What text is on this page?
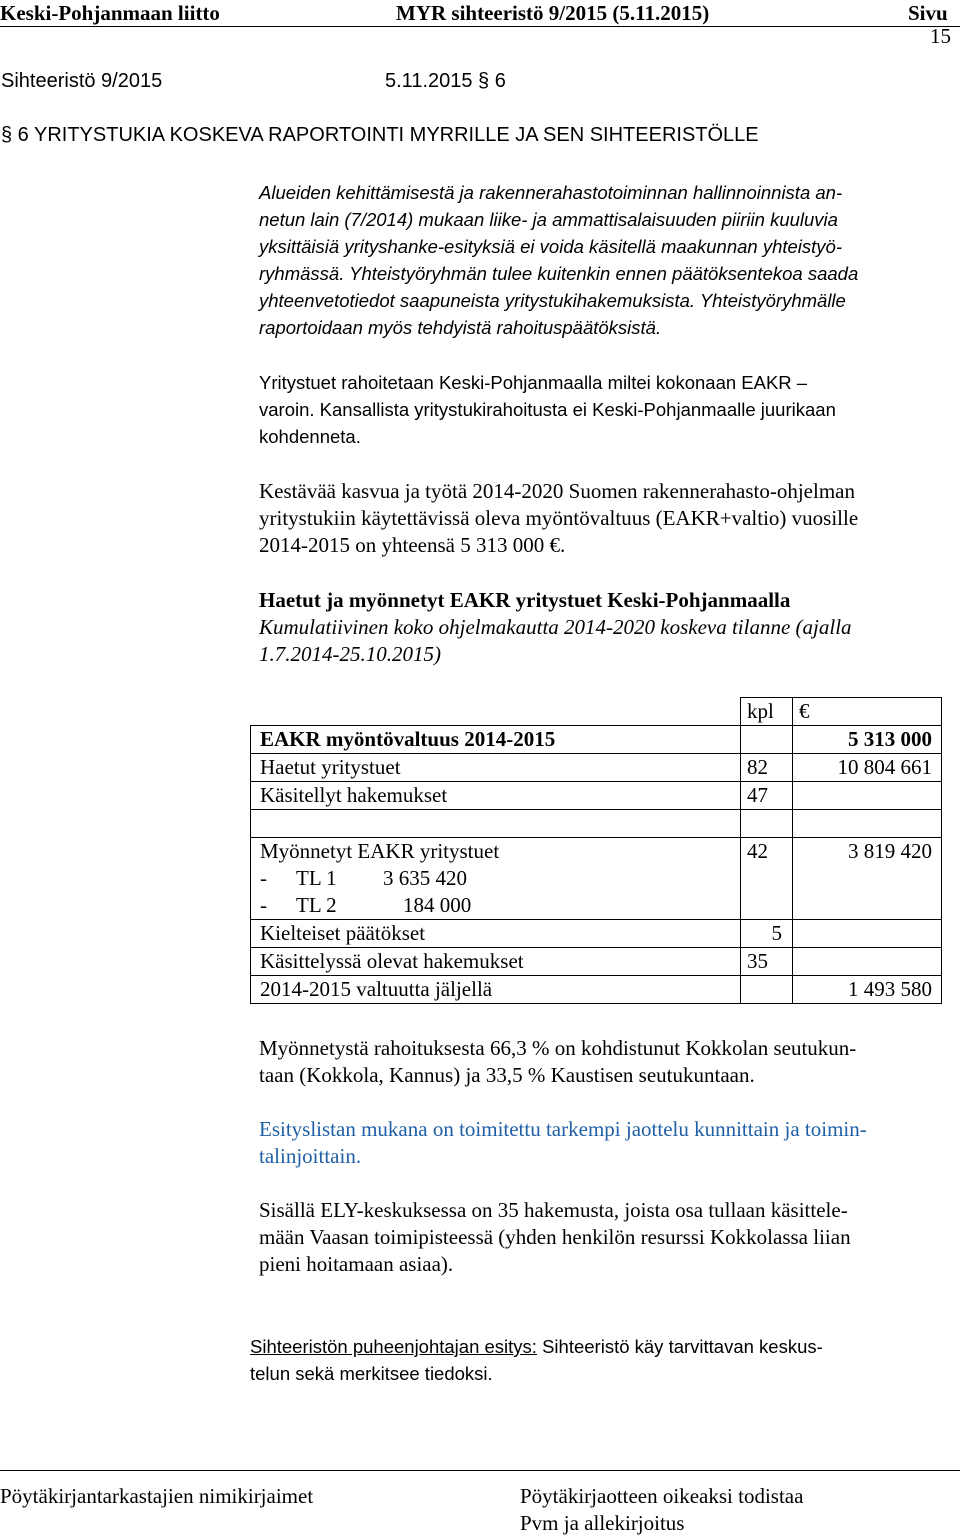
Keski-Pohjanmaan liitto	MYR sihteeristö 9/2015 (5.11.2015)	Sivu
15
Sihteeristö 9/2015	5.11.2015 § 6
§ 6 YRITYSTUKIA KOSKEVA RAPORTOINTI MYRRILLE JA SEN SIHTEERISTÖLLE
Alueiden kehittämisestä ja rakennerahastotoiminnan hallinnoinnista an-
netun lain (7/2014) mukaan liike- ja ammattisalaisuuden piiriin kuuluvia
yksittäisiä yrityshanke-esityksiä ei voida käsitellä maakunnan yhteistyö-
ryhmässä. Yhteistyöryhmän tulee kuitenkin ennen päätöksentekoa saada
yhteenvetotiedot saapuneista yritystukihakemuksista. Yhteistyöryhmälle
raportoidaan myös tehdyistä rahoituspäätöksistä.
Yritystuet rahoitetaan Keski-Pohjanmaalla miltei kokonaan EAKR –
varoin. Kansallista yritystukirahoitusta ei Keski-Pohjanmaalle juurikaan
kohdenneta.
Kestävää kasvua ja työtä 2014-2020 Suomen rakennerahasto-ohjelman
yritystukiin käytettävissä oleva myöntövaltuus (EAKR+valtio) vuosille
2014-2015 on yhteensä 5 313 000 €.
Haetut ja myönnetyt EAKR yritystuet Keski-Pohjanmaalla
Kumulatiivinen koko ohjelmakautta 2014-2020 koskeva tilanne (ajalla
1.7.2014-25.10.2015)
	kpl	€
EAKR myöntövaltuus 2014-2015		5 313 000
Haetut yritystuet	82	10 804 661
Käsitellyt hakemukset	47	

Myönnetyt EAKR yritystuet
- TL 1 3 635 420
- TL 2 184 000	42	3 819 420
Kielteiset päätökset	5	
Käsittelyssä olevat hakemukset	35	
2014-2015 valtuutta jäljellä		1 493 580
Myönnetystä rahoituksesta 66,3 % on kohdistunut Kokkolan seutukun-
taan (Kokkola, Kannus) ja 33,5 % Kaustisen seutukuntaan.
Esityslistan mukana on toimitettu tarkempi jaottelu kunnittain ja toimin-
talinjoittain.
Sisällä ELY-keskuksessa on 35 hakemusta, joista osa tullaan käsittele-
mään Vaasan toimipisteessä (yhden henkilön resurssi Kokkolassa liian
pieni hoitamaan asiaa).
Sihteeristön puheenjohtajan esitys: Sihteeristö käy tarvittavan keskus-
telun sekä merkitsee tiedoksi.
Pöytäkirjantarkastajien nimikirjaimet	Pöytäkirjaotteen oikeaksi todistaa
Pvm ja allekirjoitus
